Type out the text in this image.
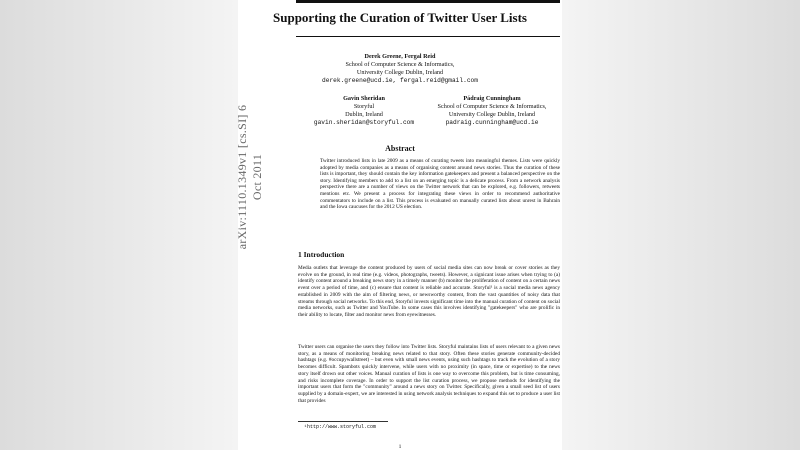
Supporting the Curation of Twitter User Lists
Derek Greene, Fergal Reid
School of Computer Science & Informatics,
University College Dublin, Ireland
derek.greene@ucd.ie, fergal.reid@gmail.com
Gavin Sheridan
Storyful
Dublin, Ireland
gavin.sheridan@storyful.com
Pádraig Cunningham
School of Computer Science & Informatics,
University College Dublin, Ireland
padraig.cunningham@ucd.ie
arXiv:1110.1349v1 [cs.SI] 6 Oct 2011
Abstract
Twitter introduced lists in late 2009 as a means of curating tweets into meaningful themes. Lists were quickly adopted by media companies as a means of organising content around news stories. Thus the curation of these lists is important, they should contain the key information gatekeepers and present a balanced perspective on the story. Identifying members to add to a list on an emerging topic is a delicate process. From a network analysis perspective there are a number of views on the Twitter network that can be explored, e.g. followers, retweets mentions etc. We present a process for integrating these views in order to recommend authoritative commentators to include on a list. This process is evaluated on manually curated lists about unrest in Bahrain and the Iowa caucuses for the 2012 US election.
1 Introduction
Media outlets that leverage the content produced by users of social media sites can now break or cover stories as they evolve on the ground, in real time (e.g. videos, photographs, tweets). However, a signicant issue arises when trying to (a) identify content around a breaking news story in a timely manner (b) monitor the proliferation of content on a certain news event over a period of time, and (c) ensure that content is reliable and accurate. Storyful¹ is a social media news agency established in 2009 with the aim of filtering news, or newsworthy content, from the vast quantities of noisy data that streams through social networks. To this end, Storyful invests significant time into the manual curation of content on social media networks, such as Twitter and YouTube. In some cases this involves identifying "gatekeepers" who are prolific in their ability to locate, filter and monitor news from eyewitnesses.
Twitter users can organise the users they follow into Twitter lists. Storyful maintains lists of users relevant to a given news story, as a means of monitoring breaking news related to that story. Often these stories generate community-decided hashtags (e.g. #occupywallstreet) – but even with small news events, using such hashtags to track the evolution of a story becomes difficult. Spambots quickly intervene, while users with no proximity (in space, time or expertise) to the news story itself drown out other voices. Manual curation of lists is one way to overcome this problem, but is time consuming, and risks incomplete coverage. In order to support the list curation process, we propose methods for identifying the important users that form the "community" around a news story on Twitter. Specifically, given a small seed list of users supplied by a domain-expert, we are interested in using network analysis techniques to expand this set to produce a user list that provides
¹http://www.storyful.com
1
